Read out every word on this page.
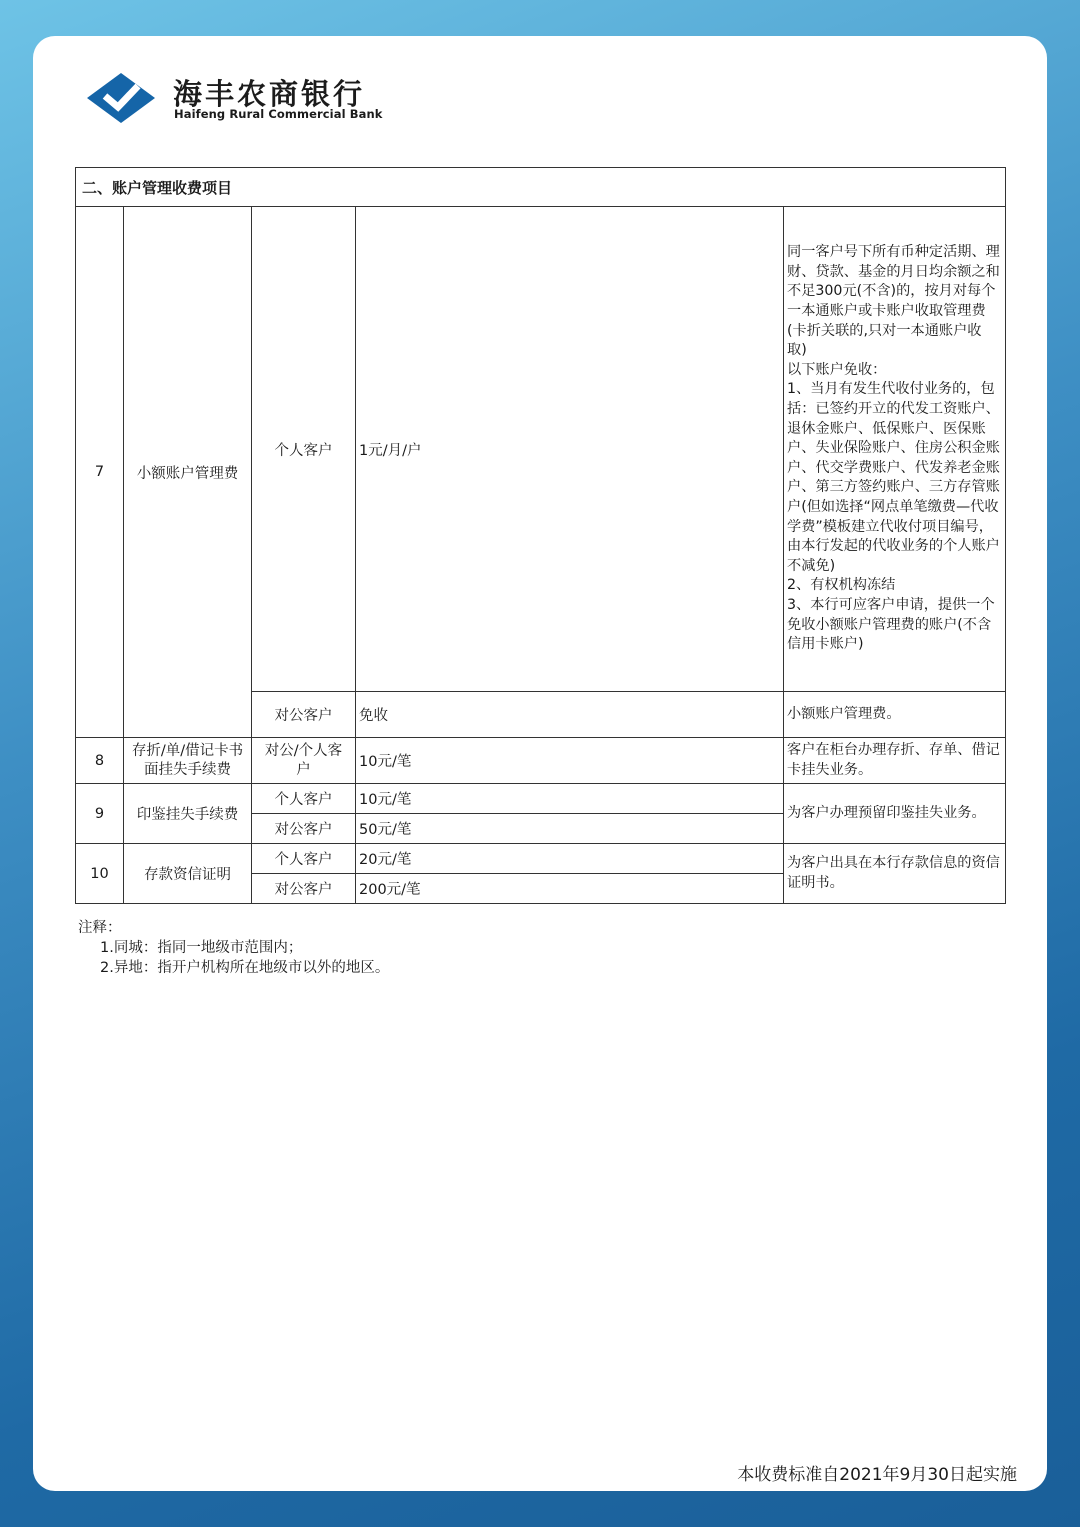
海丰农商银行
Haifeng Rural Commercial Bank
二、账户管理收费项目				
7	小额账户管理费	个人客户	1元/月/户	同一客户号下所有币种定活期、理财、贷款、基金的月日均余额之和不足300元(不含)的，按月对每个一本通账户或卡账户收取管理费(卡折关联的,只对一本通账户收取)
以下账户免收：
1、当月有发生代收付业务的，包括：已签约开立的代发工资账户、退休金账户、低保账户、医保账户、失业保险账户、住房公积金账户、代交学费账户、代发养老金账户、第三方签约账户、三方存管账户(但如选择“网点单笔缴费—代收学费”模板建立代收付项目编号，由本行发起的代收业务的个人账户不减免)
2、有权机构冻结
3、本行可应客户申请，提供一个免收小额账户管理费的账户(不含信用卡账户)
		对公客户	免收	小额账户管理费。
8	存折/单/借记卡书面挂失手续费	对公/个人客户	10元/笔	客户在柜台办理存折、存单、借记卡挂失业务。
9	印鉴挂失手续费	个人客户	10元/笔	为客户办理预留印鉴挂失业务。
		对公客户	50元/笔	
10	存款资信证明	个人客户	20元/笔	为客户出具在本行存款信息的资信证明书。
		对公客户	200元/笔	
注释：
1.同城：指同一地级市范围内；
2.异地：指开户机构所在地级市以外的地区。
本收费标准自2021年9月30日起实施
